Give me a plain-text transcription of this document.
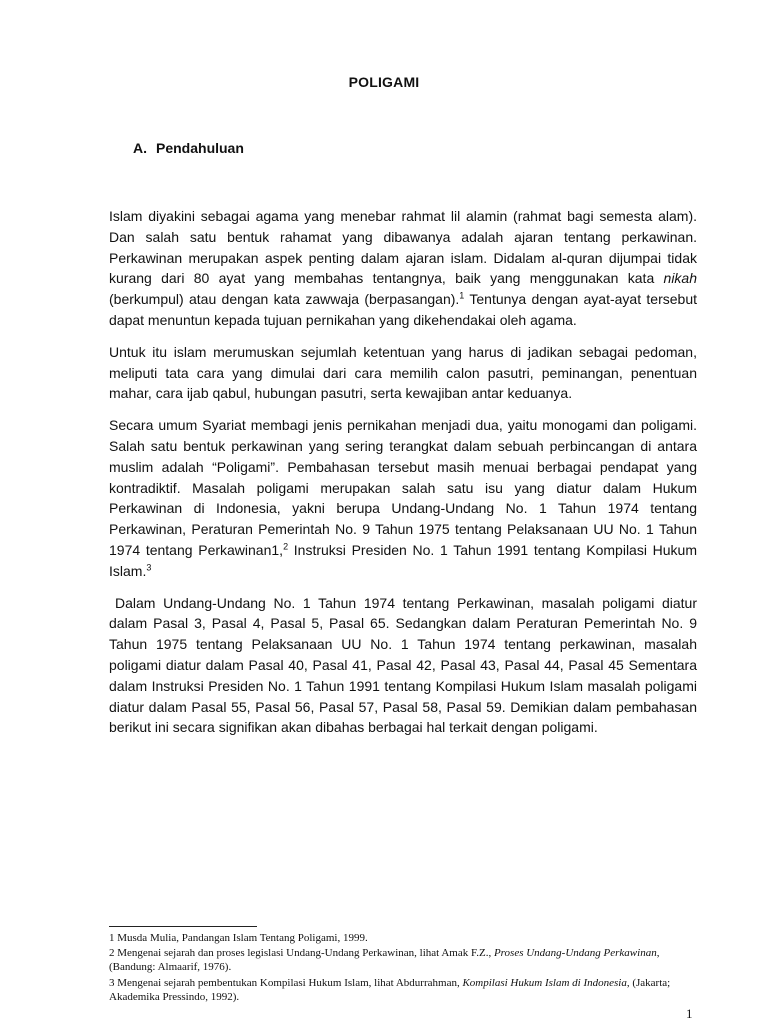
POLIGAMI
A. Pendahuluan

Islam diyakini sebagai agama yang menebar rahmat lil alamin (rahmat bagi semesta alam). Dan salah satu bentuk rahamat yang dibawanya adalah ajaran tentang perkawinan. Perkawinan merupakan aspek penting dalam ajaran islam. Didalam al-quran dijumpai tidak kurang dari 80 ayat yang membahas tentangnya, baik yang menggunakan kata nikah (berkumpul) atau dengan kata zawwaja (berpasangan).$^1$ Tentunya dengan ayat-ayat tersebut dapat menuntun kepada tujuan pernikahan yang dikehendakai oleh agama.

Untuk itu islam merumuskan sejumlah ketentuan yang harus di jadikan sebagai pedoman, meliputi tata cara yang dimulai dari cara memilih calon pasutri, peminangan, penentuan mahar, cara ijab qabul, hubungan pasutri, serta kewajiban antar keduanya.

Secara umum Syariat membagi jenis pernikahan menjadi dua, yaitu monogami dan poligami. Salah satu bentuk perkawinan yang sering terangkat dalam sebuah perbincangan di antara muslim adalah “Poligami”. Pembahasan tersebut masih menuai berbagai pendapat yang kontradiktif. Masalah poligami merupakan salah satu isu yang diatur dalam Hukum Perkawinan di Indonesia, yakni berupa Undang-Undang No. 1 Tahun 1974 tentang Perkawinan, Peraturan Pemerintah No. 9 Tahun 1975 tentang Pelaksanaan UU No. 1 Tahun 1974 tentang Perkawinan1,$^2$ Instruksi Presiden No. 1 Tahun 1991 tentang Kompilasi Hukum Islam.$^3$

Dalam Undang-Undang No. 1 Tahun 1974 tentang Perkawinan, masalah poligami diatur dalam Pasal 3, Pasal 4, Pasal 5, Pasal 65. Sedangkan dalam Peraturan Pemerintah No. 9 Tahun 1975 tentang Pelaksanaan UU No. 1 Tahun 1974 tentang perkawinan, masalah poligami diatur dalam Pasal 40, Pasal 41, Pasal 42, Pasal 43, Pasal 44, Pasal 45 Sementara dalam Instruksi Presiden No. 1 Tahun 1991 tentang Kompilasi Hukum Islam masalah poligami diatur dalam Pasal 55, Pasal 56, Pasal 57, Pasal 58, Pasal 59. Demikian dalam pembahasan berikut ini secara signifikan akan dibahas berbagai hal terkait dengan poligami.

1 Musda Mulia, Pandangan Islam Tentang Poligami, 1999.

2 Mengenai sejarah dan proses legislasi Undang-Undang Perkawinan, lihat Amak F.Z., Proses Undang-Undang Perkawinan, (Bandung: Almaarif, 1976).

3 Mengenai sejarah pembentukan Kompilasi Hukum Islam, lihat Abdurrahman, Kompilasi Hukum Islam di Indonesia, (Jakarta; Akademika Pressindo, 1992).

1
